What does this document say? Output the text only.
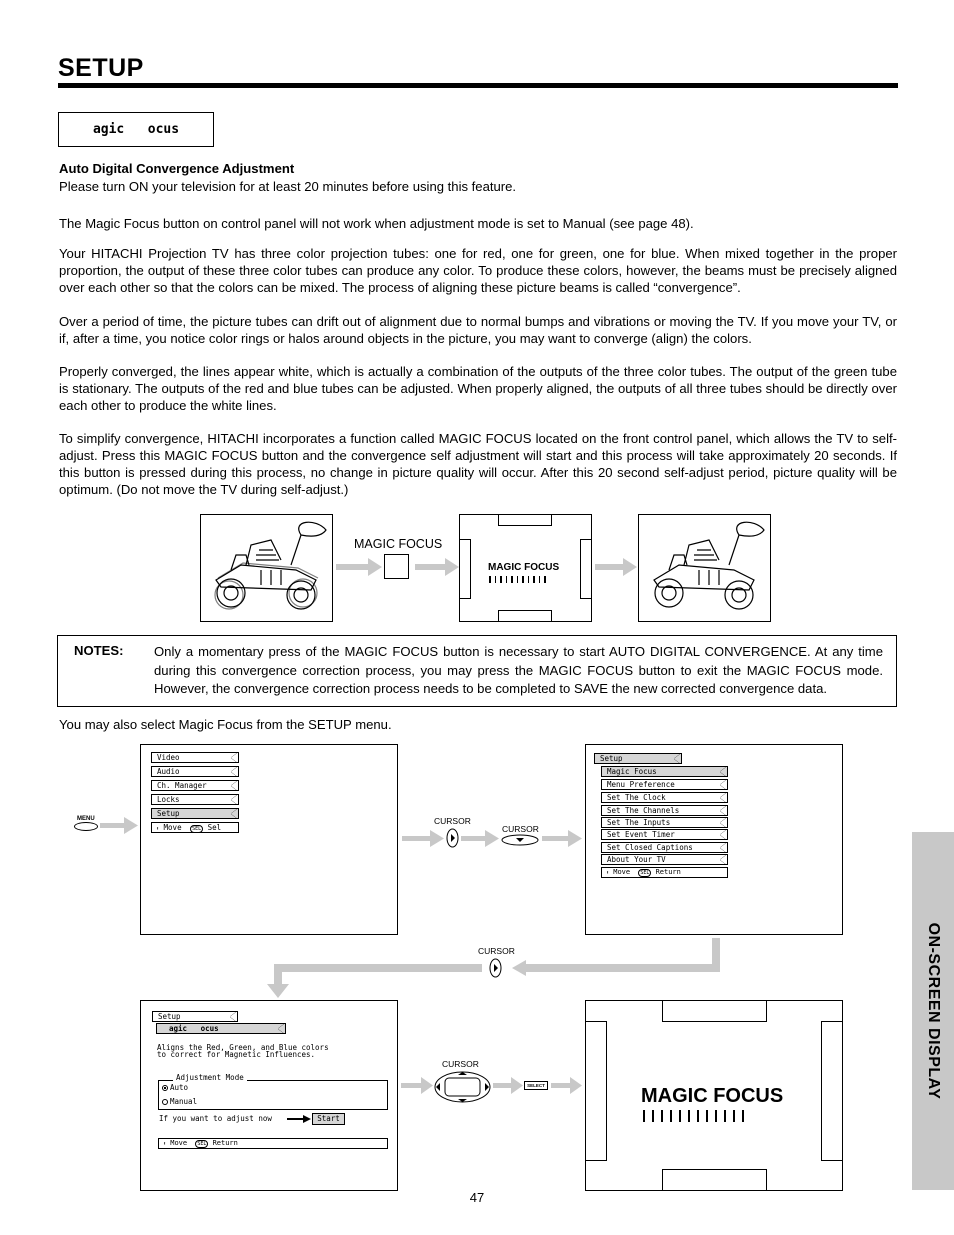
SETUP
agic   ocus
Auto Digital Convergence Adjustment
Please turn ON your television for at least 20 minutes before using this feature.
The Magic Focus button on control panel will not work when adjustment mode is set to Manual (see page 48).
Your HITACHI Projection TV has three color projection tubes: one for red, one for green, one for blue. When mixed together in the proper proportion, the output of these three color tubes can produce any color. To produce these colors, however, the beams must be precisely aligned over each other so that the colors can be mixed. The process of aligning these picture beams is called “convergence”.
Over a period of time, the picture tubes can drift out of alignment due to normal bumps and vibrations or moving the TV. If you move your TV, or if, after a time, you notice color rings or halos around objects in the picture, you may want to converge (align) the colors.
Properly converged, the lines appear white, which is actually a combination of the outputs of the three color tubes. The output of the green tube is stationary. The outputs of the red and blue tubes can be adjusted. When properly aligned, the outputs of all three tubes should be directly over each other to produce the white lines.
To simplify convergence, HITACHI incorporates a function called MAGIC FOCUS located on the front control panel, which allows the TV to self-adjust. Press this MAGIC FOCUS button and the convergence self adjustment will start and this process will take approximately 20 seconds. If this button is pressed during this process, no change in picture quality will occur. After this 20 second self-adjust period, picture quality will be optimum. (Do not move the TV during self-adjust.)
MAGIC FOCUS
MAGIC FOCUS
NOTES: Only a momentary press of the MAGIC FOCUS button is necessary to start AUTO DIGITAL CONVERGENCE. At any time during this convergence correction process, you may press the MAGIC FOCUS button to exit the MAGIC FOCUS mode. However, the convergence correction process needs to be completed to SAVE the new corrected convergence data.
You may also select Magic Focus from the SETUP menu.
MENU
Video
Audio
Ch. Manager
Locks
Setup
⬍ Move SEL Sel
CURSOR
CURSOR
Setup
Magic Focus
Menu Preference
Set The Clock
Set The Channels
Set The Inputs
Set Event Timer
Set Closed Captions
About Your TV
⬍ Move SEL Return
CURSOR
Setup
agic   ocus
Aligns the Red, Green, and Blue colors to correct for Magnetic Influences.
Adjustment Mode
Auto
Manual
If you want to adjust now	Start
⬍ Move SEL Return
CURSOR
SELECT	MAGIC FOCUS	ON-SCREEN DISPLAY
47
